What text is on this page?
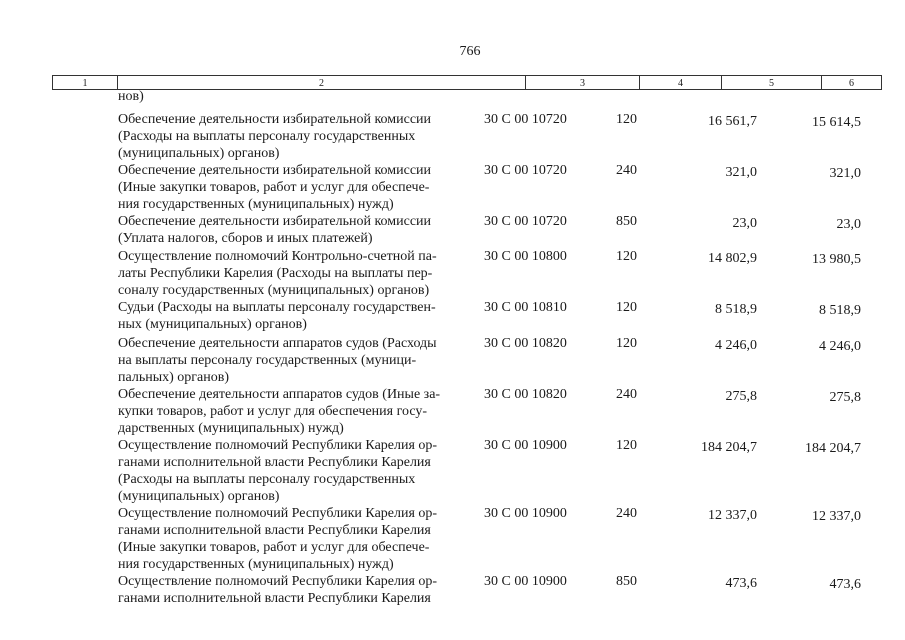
766
1	2	3	4	5	6
нов)
Обеспечение деятельности избирательной комиссии
(Расходы на выплаты персоналу государственных
(муниципальных) органов)
30 С 00 10720	120	16 561,7	15 614,5
Обеспечение деятельности избирательной комиссии
(Иные закупки товаров, работ и услуг для обеспече-
ния государственных (муниципальных) нужд)
30 С 00 10720	240	321,0	321,0
Обеспечение деятельности избирательной комиссии
(Уплата налогов, сборов и иных платежей)
30 С 00 10720	850	23,0	23,0
Осуществление полномочий Контрольно-счетной па-
латы Республики Карелия (Расходы на выплаты пер-
соналу государственных (муниципальных) органов)
30 С 00 10800	120	14 802,9	13 980,5
Судьи (Расходы на выплаты персоналу государствен-
ных (муниципальных) органов)
30 С 00 10810	120	8 518,9	8 518,9
Обеспечение деятельности аппаратов судов (Расходы
на выплаты персоналу государственных (муници-
пальных) органов)
30 С 00 10820	120	4 246,0	4 246,0
Обеспечение деятельности аппаратов судов (Иные за-
купки товаров, работ и услуг для обеспечения госу-
дарственных (муниципальных) нужд)
30 С 00 10820	240	275,8	275,8
Осуществление полномочий Республики Карелия ор-
ганами исполнительной власти Республики Карелия
(Расходы на выплаты персоналу государственных
(муниципальных) органов)
30 С 00 10900	120	184 204,7	184 204,7
Осуществление полномочий Республики Карелия ор-
ганами исполнительной власти Республики Карелия
(Иные закупки товаров, работ и услуг для обеспече-
ния государственных (муниципальных) нужд)
30 С 00 10900	240	12 337,0	12 337,0
Осуществление полномочий Республики Карелия ор-
ганами исполнительной власти Республики Карелия
30 С 00 10900	850	473,6	473,6
